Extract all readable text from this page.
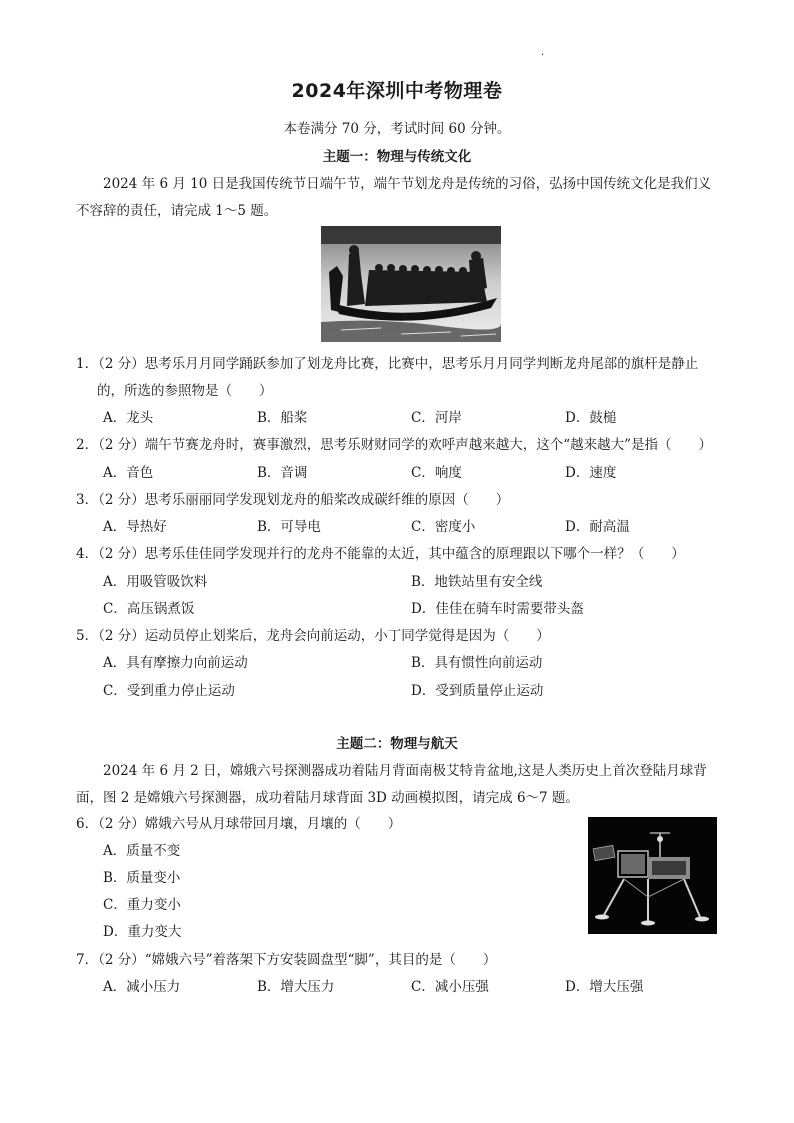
·
2024年深圳中考物理卷
本卷满分 70 分，考试时间 60 分钟。
主题一：物理与传统文化
2024 年 6 月 10 日是我国传统节日端午节，端午节划龙舟是传统的习俗，弘扬中国传统文化是我们义
不容辞的责任，请完成 1～5 题。
1．（2 分）思考乐月月同学踊跃参加了划龙舟比赛，比赛中，思考乐月月同学判断龙舟尾部的旗杆是静止
的，所选的参照物是（　　）
A．龙头	B．船桨	C．河岸	D．鼓槌
2．（2 分）端午节赛龙舟时，赛事激烈，思考乐财财同学的欢呼声越来越大，这个“越来越大”是指（　　）
A．音色	B．音调	C．响度	D．速度
3．（2 分）思考乐丽丽同学发现划龙舟的船桨改成碳纤维的原因（　　）
A．导热好	B．可导电	C．密度小	D．耐高温
4．（2 分）思考乐佳佳同学发现并行的龙舟不能靠的太近，其中蕴含的原理跟以下哪个一样？（　　）
A．用吸管吸饮料	B．地铁站里有安全线
C．高压锅煮饭	D．佳佳在骑车时需要带头盔
5．（2 分）运动员停止划桨后，龙舟会向前运动，小丁同学觉得是因为（　　）
A．具有摩擦力向前运动	B．具有惯性向前运动
C．受到重力停止运动	D．受到质量停止运动
主题二：物理与航天
2024 年 6 月 2 日，嫦娥六号探测器成功着陆月背面南极艾特肯盆地,这是人类历史上首次登陆月球背
面，图 2 是嫦娥六号探测器，成功着陆月球背面 3D 动画模拟图，请完成 6～7 题。
6．（2 分）嫦娥六号从月球带回月壤，月壤的（　　）
A．质量不变
B．质量变小
C．重力变小
D．重力变大
7．（2 分）“嫦娥六号”着落架下方安装圆盘型“脚”，其目的是（　　）
A．减小压力	B．增大压力	C．减小压强	D．增大压强
